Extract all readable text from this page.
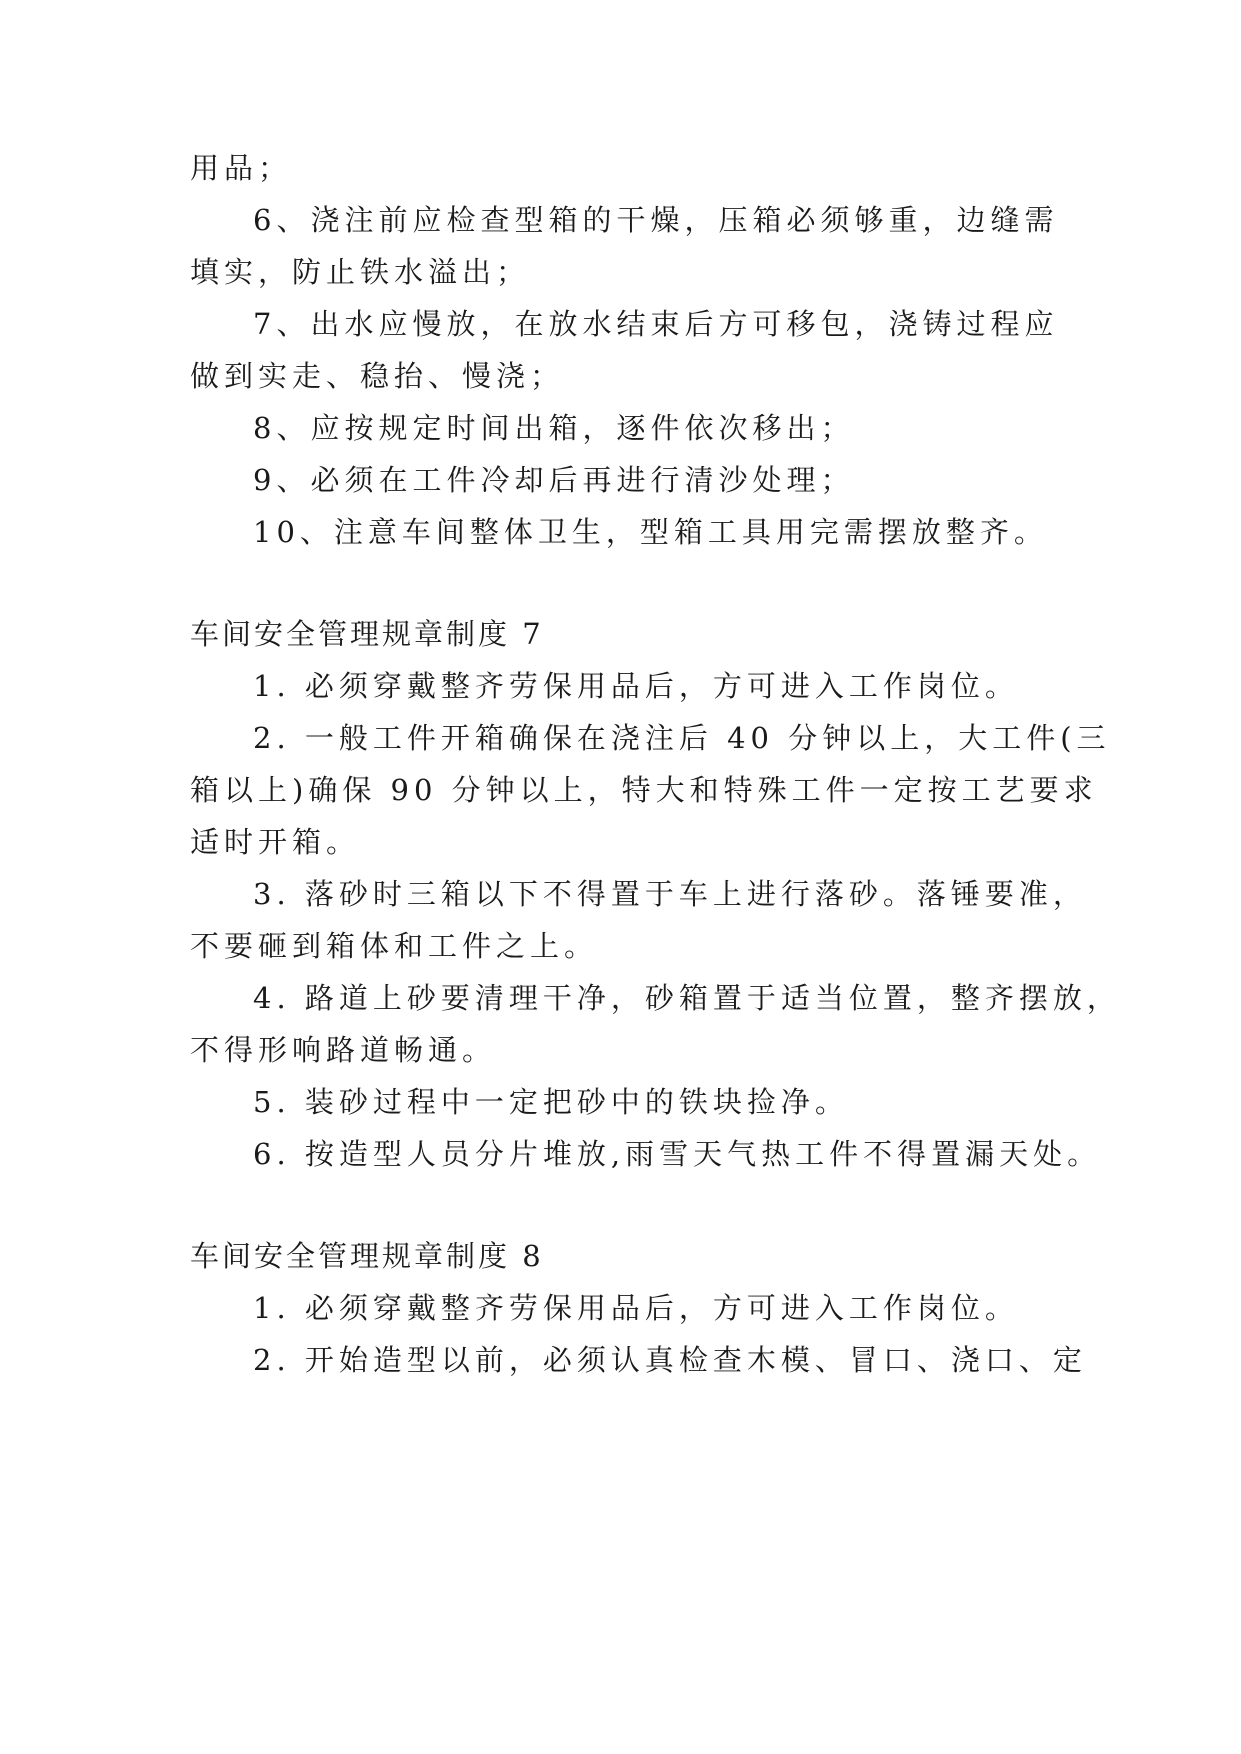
用品；
6、浇注前应检查型箱的干燥，压箱必须够重，边缝需
填实，防止铁水溢出；
7、出水应慢放，在放水结束后方可移包，浇铸过程应
做到实走、稳抬、慢浇；
8、应按规定时间出箱，逐件依次移出；
9、必须在工件冷却后再进行清沙处理；
10、注意车间整体卫生，型箱工具用完需摆放整齐。
车间安全管理规章制度 7
1. 必须穿戴整齐劳保用品后，方可进入工作岗位。
2. 一般工件开箱确保在浇注后 40 分钟以上，大工件(三
箱以上)确保 90 分钟以上，特大和特殊工件一定按工艺要求
适时开箱。
3. 落砂时三箱以下不得置于车上进行落砂。落锤要准，
不要砸到箱体和工件之上。
4. 路道上砂要清理干净，砂箱置于适当位置，整齐摆放，
不得形响路道畅通。
5. 装砂过程中一定把砂中的铁块捡净。
6. 按造型人员分片堆放,雨雪天气热工件不得置漏天处。
车间安全管理规章制度 8
1. 必须穿戴整齐劳保用品后，方可进入工作岗位。
2. 开始造型以前，必须认真检查木模、冒口、浇口、定
